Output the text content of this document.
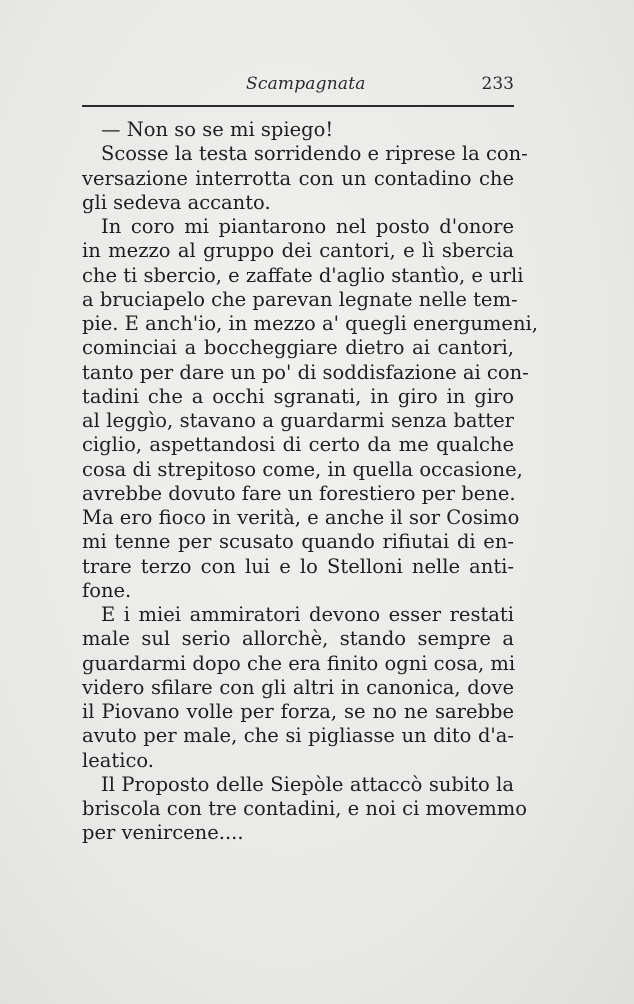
Scampagnata	233
— Non so se mi spiego!
Scosse la testa sorridendo e riprese la con-
versazione interrotta con un contadino che
gli sedeva accanto.
In coro mi piantarono nel posto d'onore
in mezzo al gruppo dei cantori, e lì sbercia
che ti sbercio, e zaffate d'aglio stantìo, e urli
a bruciapelo che parevan legnate nelle tem-
pie. E anch'io, in mezzo a' quegli energumeni,
cominciai a boccheggiare dietro ai cantori,
tanto per dare un po' di soddisfazione ai con-
tadini che a occhi sgranati, in giro in giro
al leggìo, stavano a guardarmi senza batter
ciglio, aspettandosi di certo da me qualche
cosa di strepitoso come, in quella occasione,
avrebbe dovuto fare un forestiero per bene.
Ma ero fioco in verità, e anche il sor Cosimo
mi tenne per scusato quando rifiutai di en-
trare terzo con lui e lo Stelloni nelle anti-
fone.
E i miei ammiratori devono esser restati
male sul serio allorchè, stando sempre a
guardarmi dopo che era finito ogni cosa, mi
videro sfilare con gli altri in canonica, dove
il Piovano volle per forza, se no ne sarebbe
avuto per male, che si pigliasse un dito d'a-
leatico.
Il Proposto delle Siepòle attaccò subito la
briscola con tre contadini, e noi ci movemmo
per venircene....
